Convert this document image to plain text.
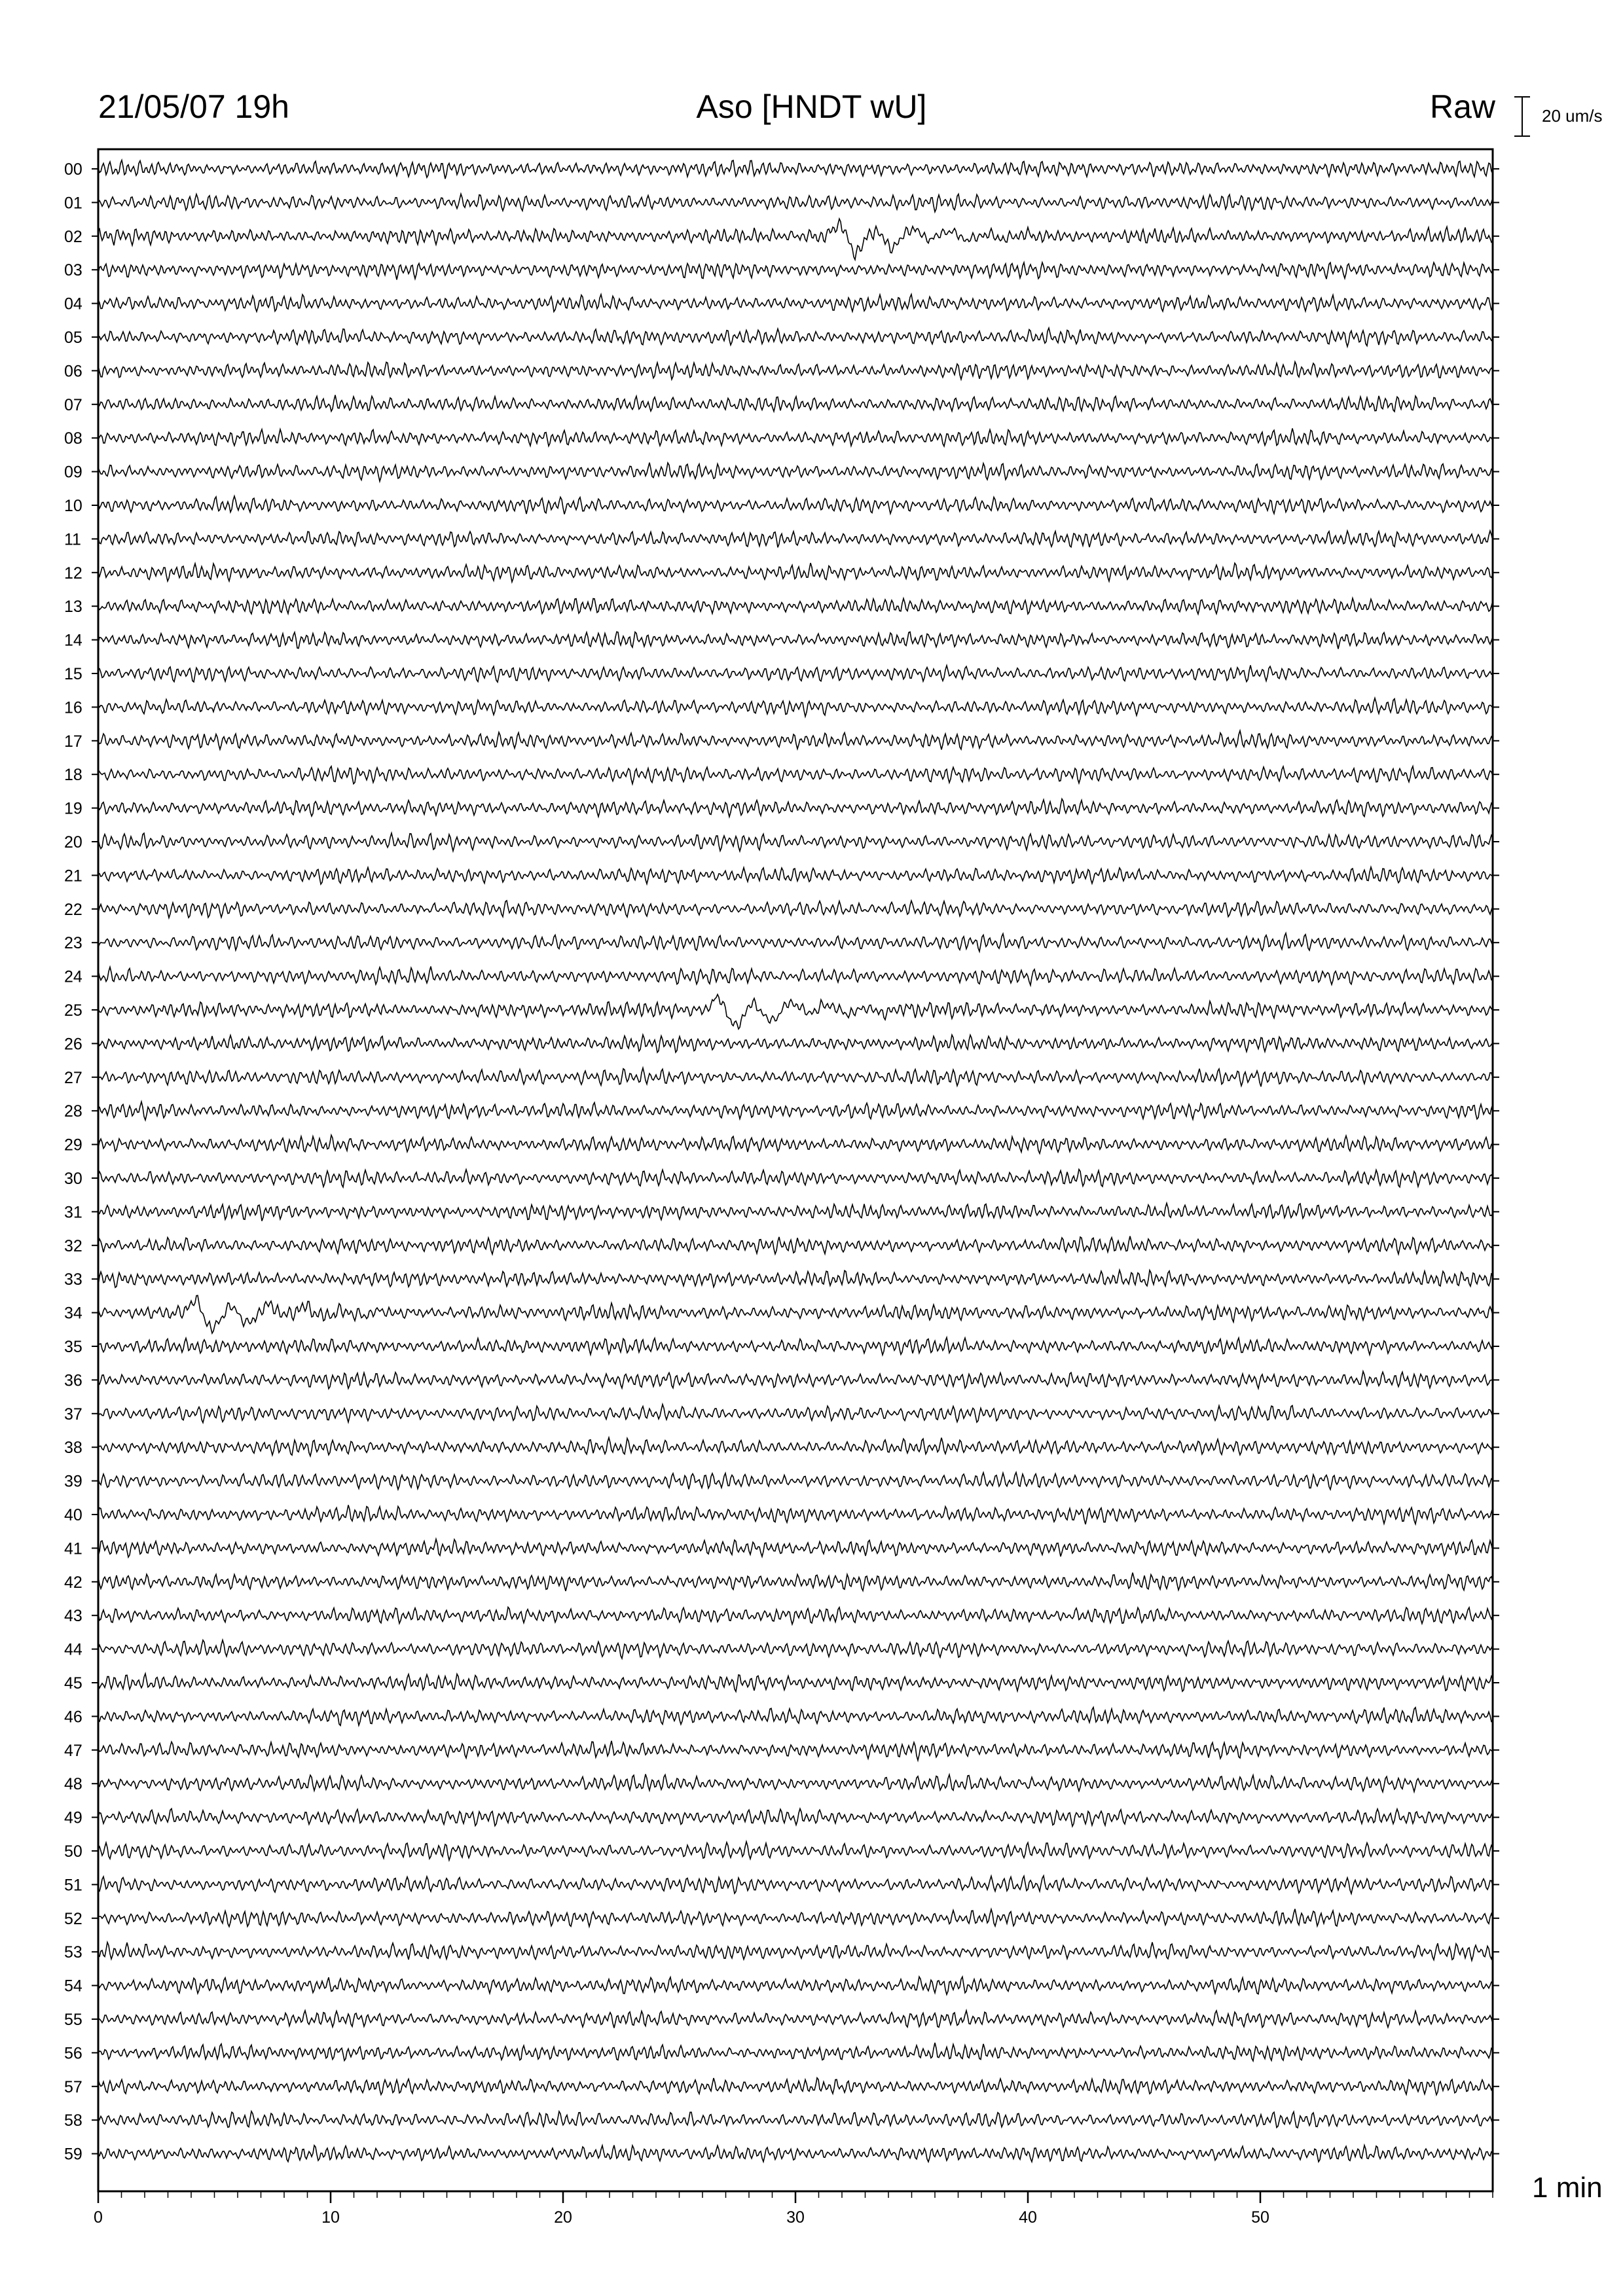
21/05/07 19h	Aso [HNDT wU]	Raw	20 um/s
1 min
00
01
02
03
04
05
06
07
08
09
10
11
12
13
14
15
16
17
18
19
20
21
22
23
24
25
26
27
28
29
30
31
32
33
34
35
36
37
38
39
40
41
42
43
44
45
46
47
48
49
50
51
52
53
54
55
56
57
58
59
0	10	20	30	40	50
